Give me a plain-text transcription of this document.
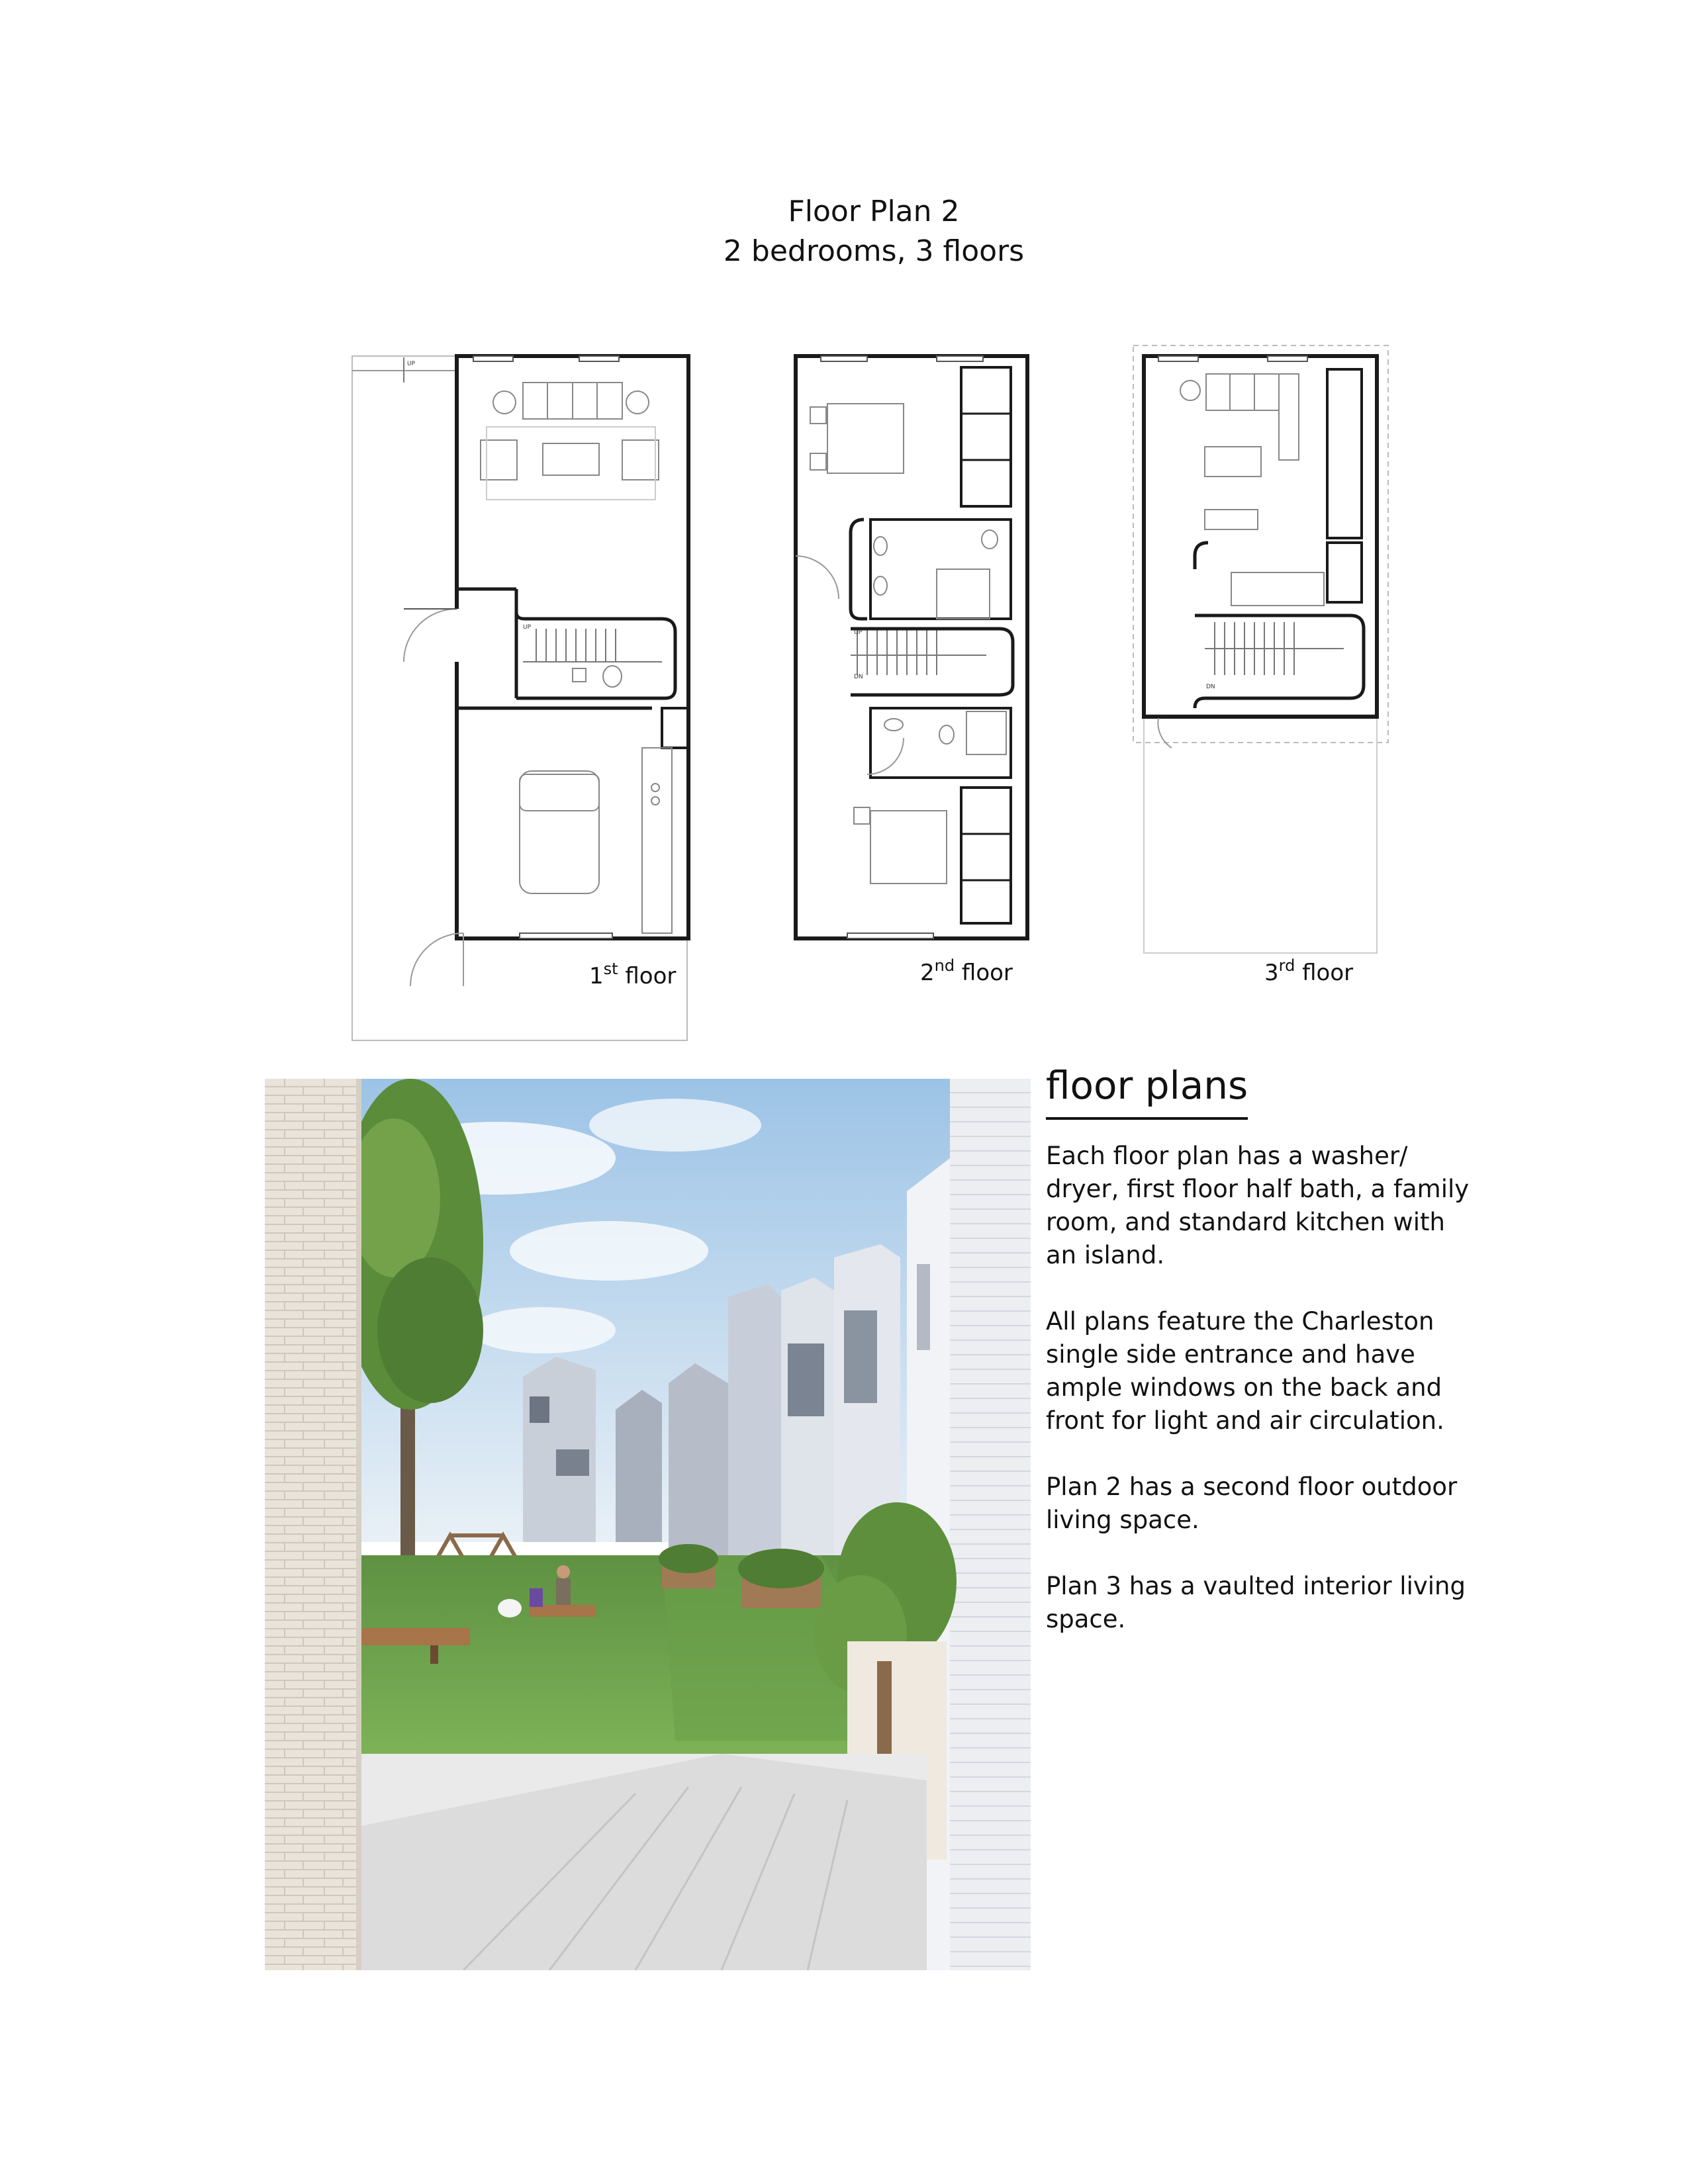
Floor Plan 2
2 bedrooms, 3 floors
UP
UP
1st floor
UP
DN
2nd floor
DN
3rd floor
floor plans

Each floor plan has a washer/ dryer, first floor half bath, a family room, and standard kitchen with an island.

All plans feature the Charleston single side entrance and have ample windows on the back and front for light and air circulation.

Plan 2 has a second floor outdoor living space.

Plan 3 has a vaulted interior living space.
